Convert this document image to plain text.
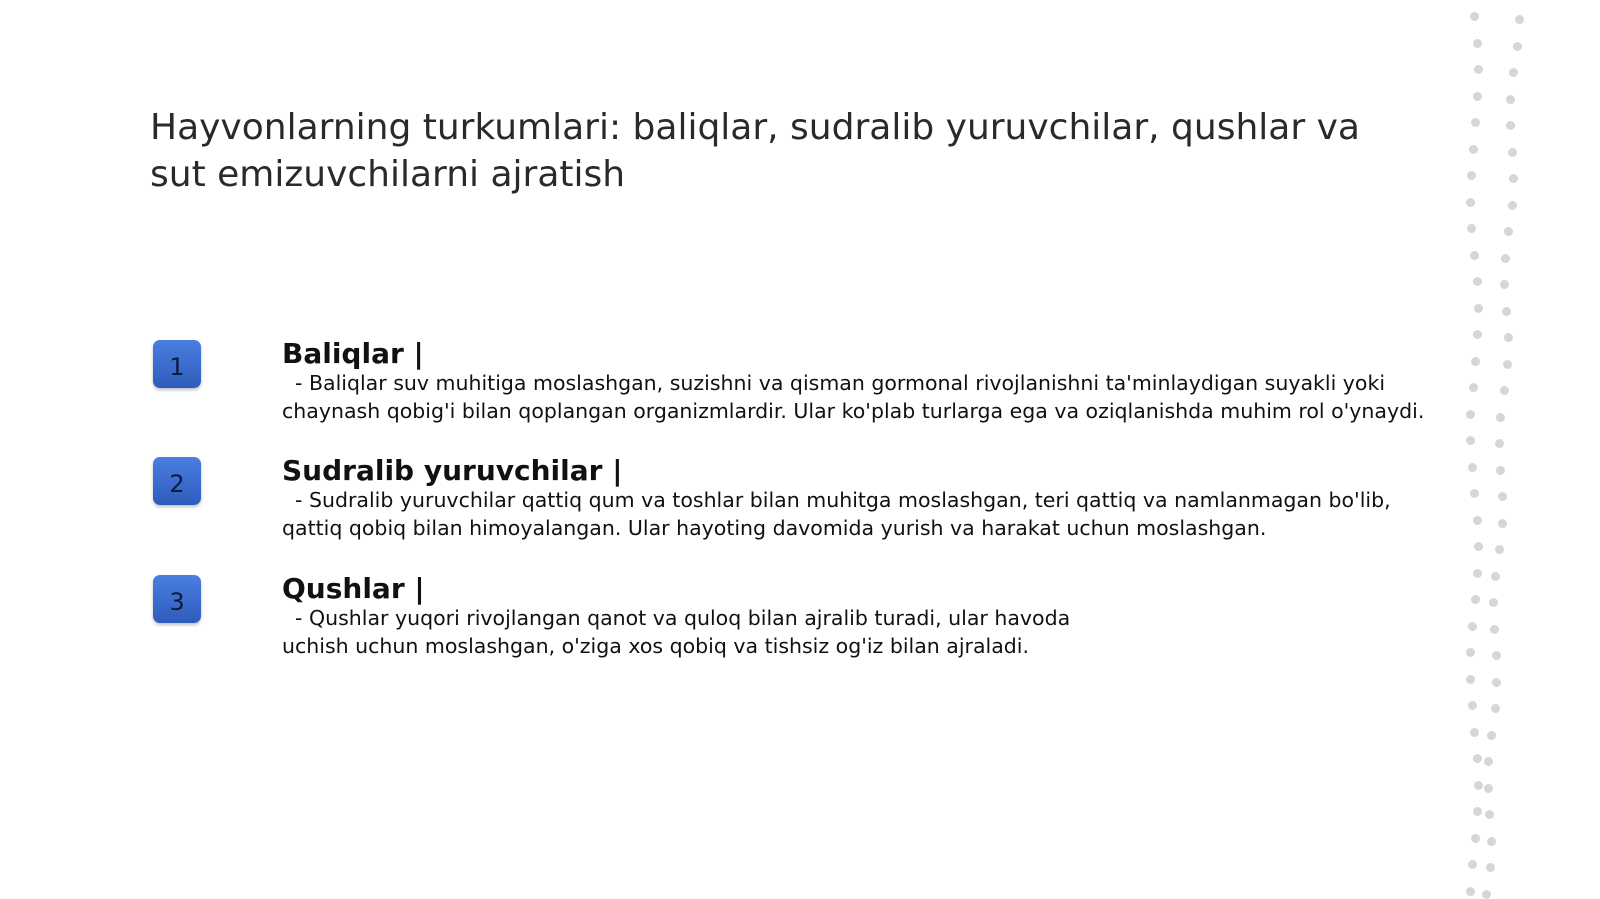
Hayvonlarning turkumlari: baliqlar, sudralib yuruvchilar, qushlar va sut emizuvchilarni ajratish
1	Baliqlar |

- Baliqlar suv muhitiga moslashgan, suzishni va qisman gormonal rivojlanishni ta'minlaydigan suyakli yoki chaynash qobig'i bilan qoplangan organizmlardir. Ular ko'plab turlarga ega va oziqlanishda muhim rol o'ynaydi.

2	Sudralib yuruvchilar |

- Sudralib yuruvchilar qattiq qum va toshlar bilan muhitga moslashgan, teri qattiq va namlanmagan bo'lib, qattiq qobiq bilan himoyalangan. Ular hayoting davomida yurish va harakat uchun moslashgan.

3	Qushlar |

- Qushlar yuqori rivojlangan qanot va quloq bilan ajralib turadi, ular havoda uchish uchun moslashgan, o'ziga xos qobiq va tishsiz og'iz bilan ajraladi.
